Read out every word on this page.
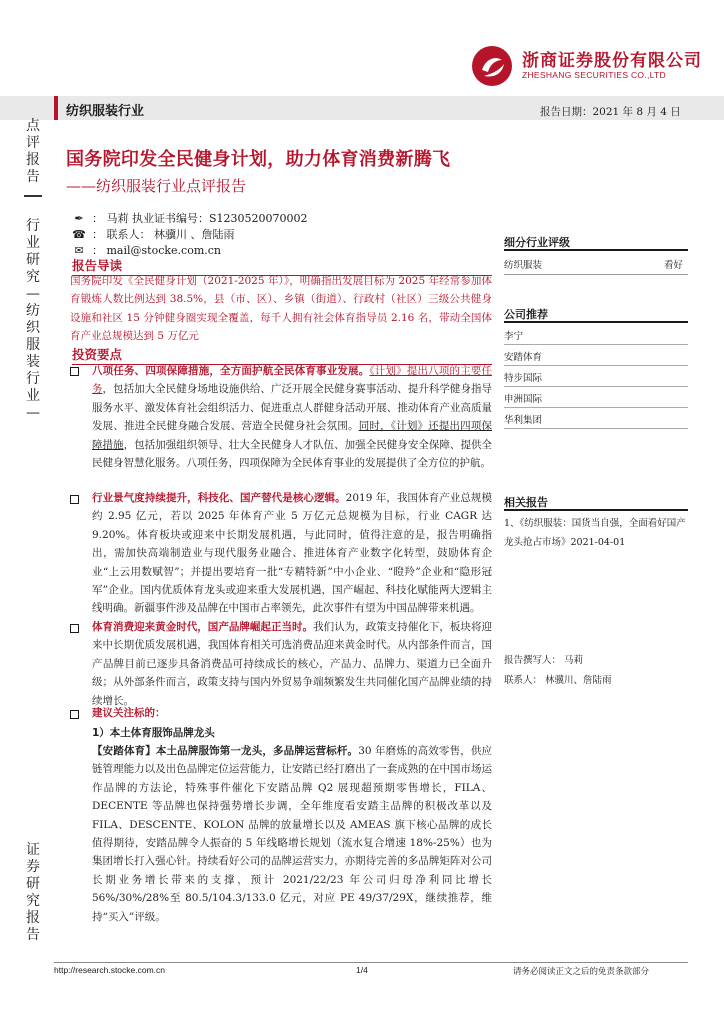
浙商证券股份有限公司
ZHESHANG SECURITIES CO.,LTD
纺织服装行业	报告日期：2021 年 8 月 4 日
点评报告
行业研究—纺织服装行业—
证券研究报告
国务院印发全民健身计划，助力体育消费新腾飞
——纺织服装行业点评报告
✒ ： 马莉 执业证书编号：S1230520070002
☎ ： 联系人： 林骥川 、詹陆雨
✉ ： mail@stocke.com.cn
报告导读
国务院印发《全民健身计划（2021-2025 年）》，明确指出发展目标为 2025 年经常参加体育锻炼人数比例达到 38.5%，县（市、区）、乡镇（街道）、行政村（社区）三级公共健身设施和社区 15 分钟健身圈实现全覆盖，每千人拥有社会体育指导员 2.16 名，带动全国体育产业总规模达到 5 万亿元
投资要点
八项任务、四项保障措施，全方面护航全民体育事业发展。《计划》提出八项的主要任务，包括加大全民健身场地设施供给、广泛开展全民健身赛事活动、提升科学健身指导服务水平、激发体育社会组织活力、促进重点人群健身活动开展、推动体育产业高质量发展、推进全民健身融合发展、营造全民健身社会氛围。同时，《计划》还提出四项保障措施，包括加强组织领导、壮大全民健身人才队伍、加强全民健身安全保障、提供全民健身智慧化服务。八项任务，四项保障为全民体育事业的发展提供了全方位的护航。
行业景气度持续提升，科技化、国产替代是核心逻辑。2019 年，我国体育产业总规模约 2.95 亿元，若以 2025 年体育产业 5 万亿元总规模为目标，行业 CAGR 达 9.20%。体育板块或迎来中长期发展机遇，与此同时，值得注意的是，报告明确指出，需加快高端制造业与现代服务业融合、推进体育产业数字化转型，鼓励体育企业“上云用数赋智”；并提出要培育一批“专精特新”中小企业、“瞪羚”企业和“隐形冠军”企业。国内优质体育龙头或迎来重大发展机遇，国产崛起、科技化赋能两大逻辑主线明确。新疆事件涉及品牌在中国市占率领先，此次事件有望为中国品牌带来机遇。
体育消费迎来黄金时代，国产品牌崛起正当时。我们认为，政策支持催化下，板块将迎来中长期优质发展机遇，我国体育相关可选消费品迎来黄金时代。从内部条件而言，国产品牌目前已逐步具备消费品可持续成长的核心，产品力、品牌力、渠道力已全面升级；从外部条件而言，政策支持与国内外贸易争端频繁发生共同催化国产品牌业绩的持续增长。
建议关注标的：
1）本土体育服饰品牌龙头
【安踏体育】本土品牌服饰第一龙头，多品牌运营标杆。30 年磨炼的高效零售，供应链管理能力以及出色品牌定位运营能力，让安踏已经打磨出了一套成熟的在中国市场运作品牌的方法论，特殊事件催化下安踏品牌 Q2 展现超预期零售增长，FILA、DECENTE 等品牌也保持强势增长步调，全年维度看安踏主品牌的积极改革以及 FILA、DESCENTE、KOLON 品牌的放量增长以及 AMEAS 旗下核心品牌的成长值得期待，安踏品牌令人振奋的 5 年线略增长规划（流水复合增速 18%-25%）也为集团增长打入强心针。持续看好公司的品牌运营实力，亦期待完善的多品牌矩阵对公司长期业务增长带来的支撑，预计 2021/22/23 年公司归母净利同比增长 56%/30%/28%至 80.5/104.3/133.0 亿元，对应 PE 49/37/29X，继续推荐，维持“买入”评级。
细分行业评级
纺织服装	看好
公司推荐
李宁
安踏体育
特步国际
申洲国际
华利集团
相关报告
1、《纺织服装：国货当自强，全面看好国产龙头抢占市场》2021-04-01
报告撰写人： 马莉
联系人： 林骥川、詹陆雨
http://research.stocke.com.cn	1/4	请务必阅读正文之后的免责条款部分
